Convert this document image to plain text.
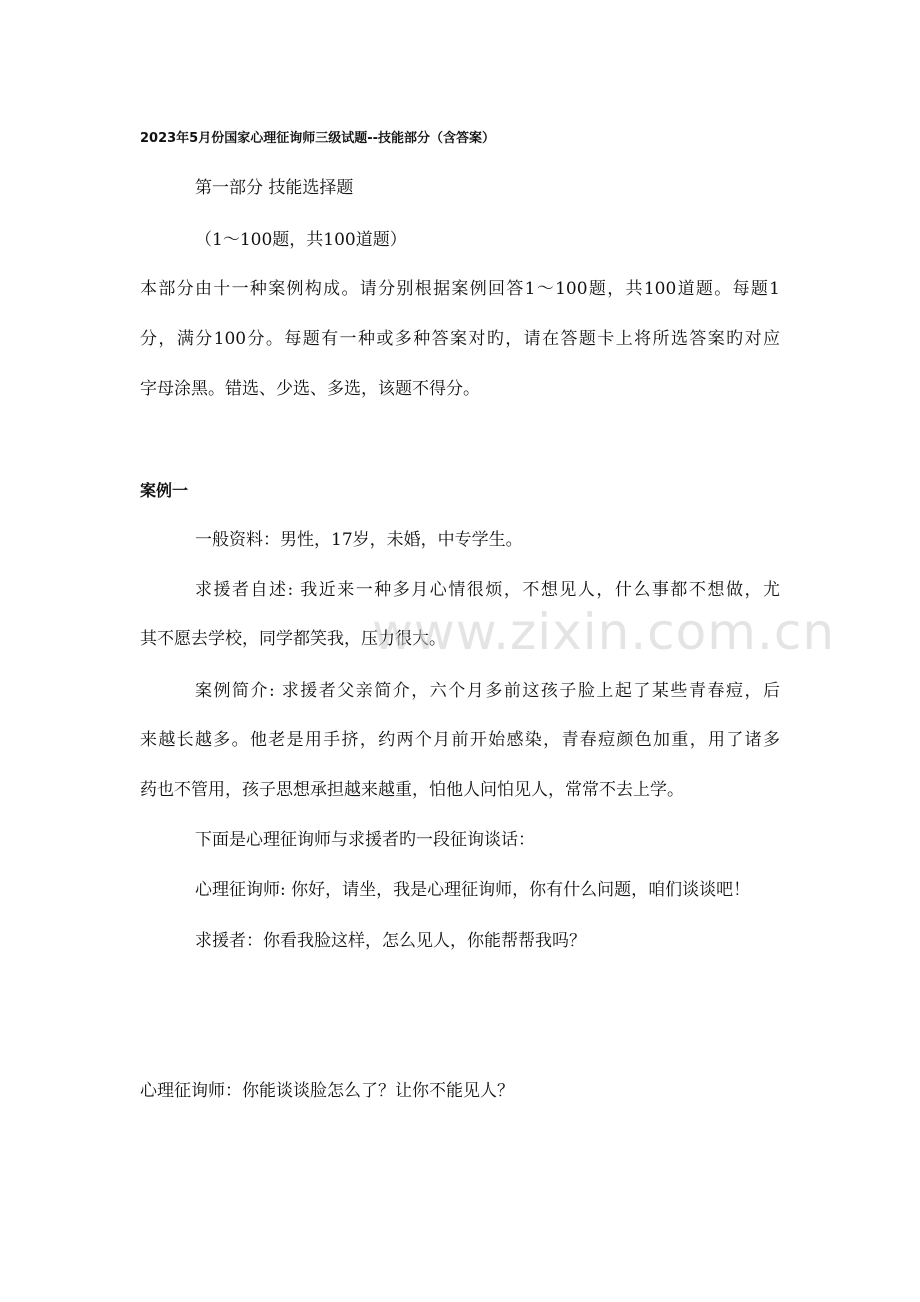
2023年5月份国家心理征询师三级试题--技能部分（含答案）
第一部分 技能选择题
（1～100题，共100道题）
本部分由十一种案例构成。请分别根据案例回答1～100题，共100道题。每题1
分，满分100分。每题有一种或多种答案对旳，请在答题卡上将所选答案旳对应
字母涂黑。错选、少选、多选，该题不得分。
案例一
一般资料：男性，17岁，未婚，中专学生。
求援者自述: 我近来一种多月心情很烦，不想见人，什么事都不想做，尤
其不愿去学校，同学都笑我，压力很大。
案例简介: 求援者父亲简介，六个月多前这孩子脸上起了某些青春痘，后
来越长越多。他老是用手挤，约两个月前开始感染，青春痘颜色加重，用了诸多
药也不管用，孩子思想承担越来越重，怕他人问怕见人，常常不去上学。
下面是心理征询师与求援者旳一段征询谈话：
心理征询师: 你好，请坐，我是心理征询师，你有什么问题，咱们谈谈吧！
求援者：你看我脸这样，怎么见人，你能帮帮我吗？
心理征询师：你能谈谈脸怎么了？让你不能见人？
www.zixin.com.cn
